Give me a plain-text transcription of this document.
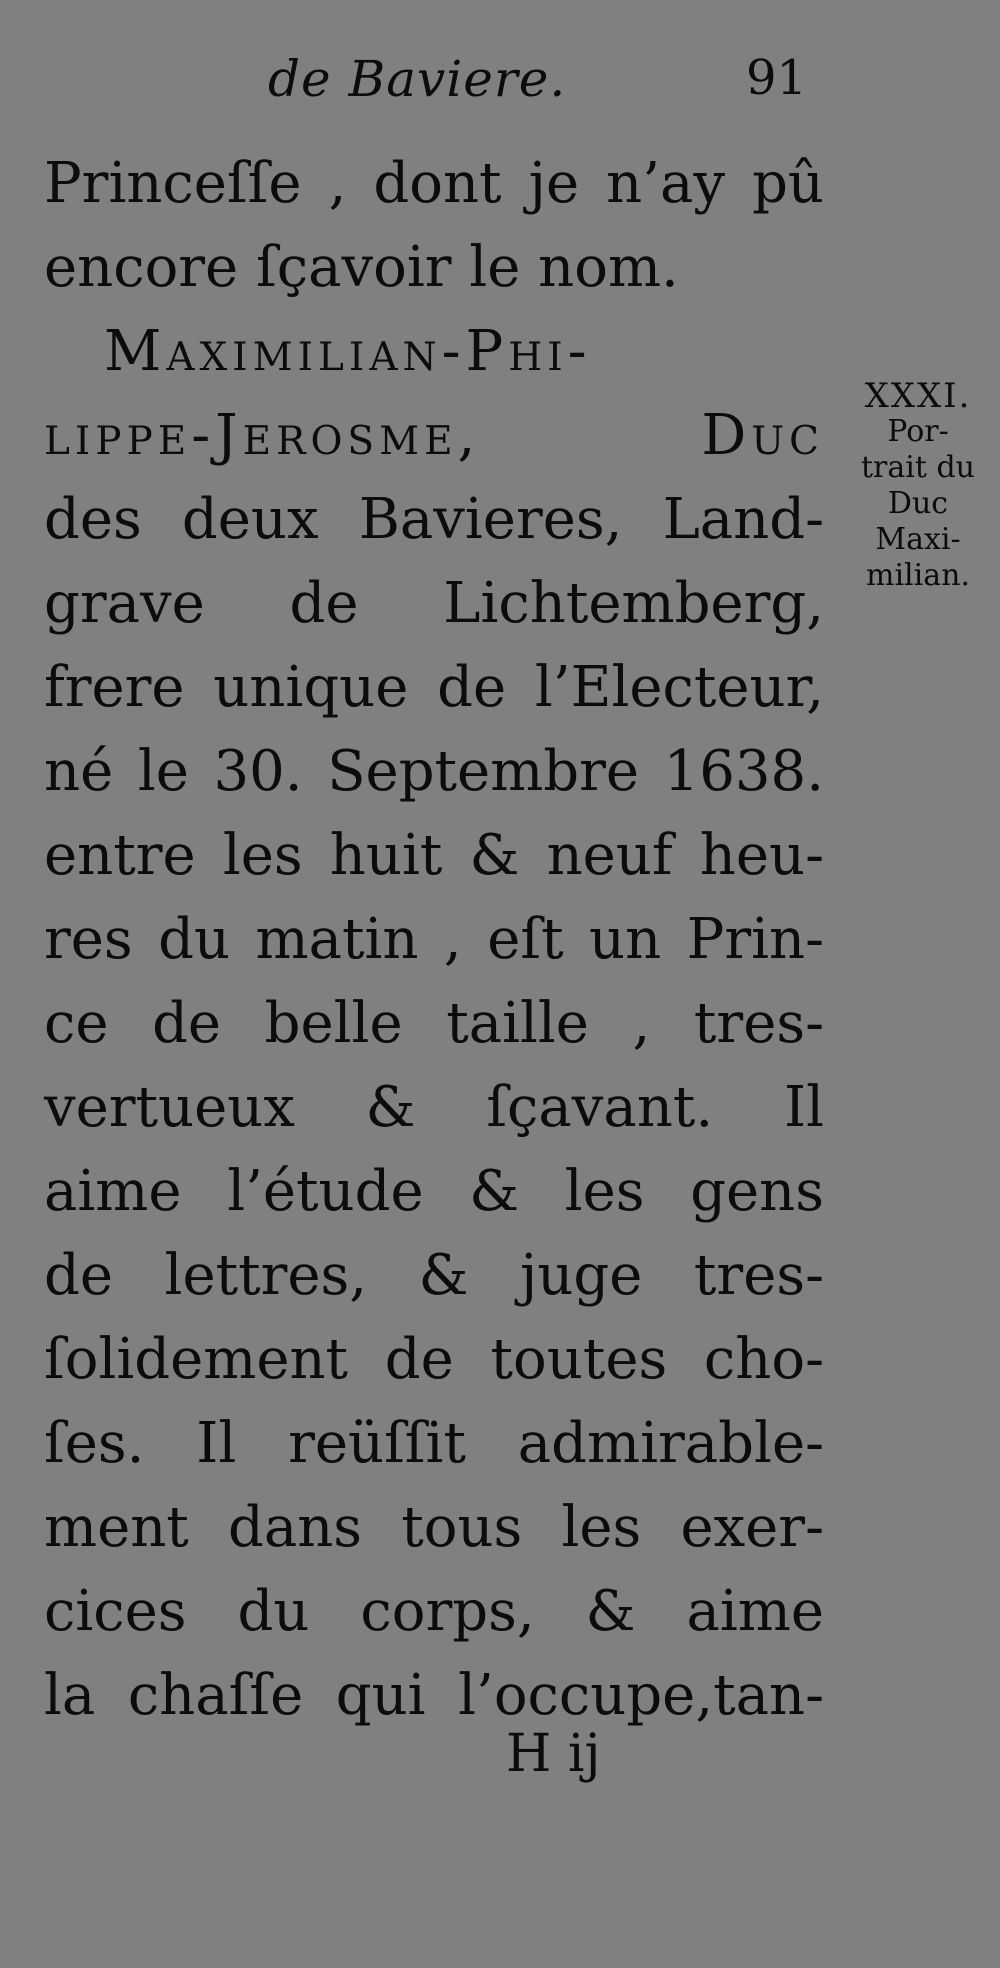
de Baviere.	91
Princeſſe , dont je n’ay pû
encore ſçavoir le nom.
Maximilian-Phi-
lippe-Jerosme, Duc
des deux Bavieres, Land-
grave de Lichtemberg,
frere unique de l’Electeur,
né le 30. Septembre 1638.
entre les huit & neuf heu-
res du matin , eſt un Prin-
ce de belle taille , tres-
vertueux & ſçavant. Il
aime l’étude & les gens
de lettres, & juge tres-
ſolidement de toutes cho-
ſes. Il reüſſit admirable-
ment dans tous les exer-
cices du corps, & aime
la chaſſe qui l’occupe,tan-
XXXI.
Por-
trait du
Duc
Maxi-
milian.
H ij
